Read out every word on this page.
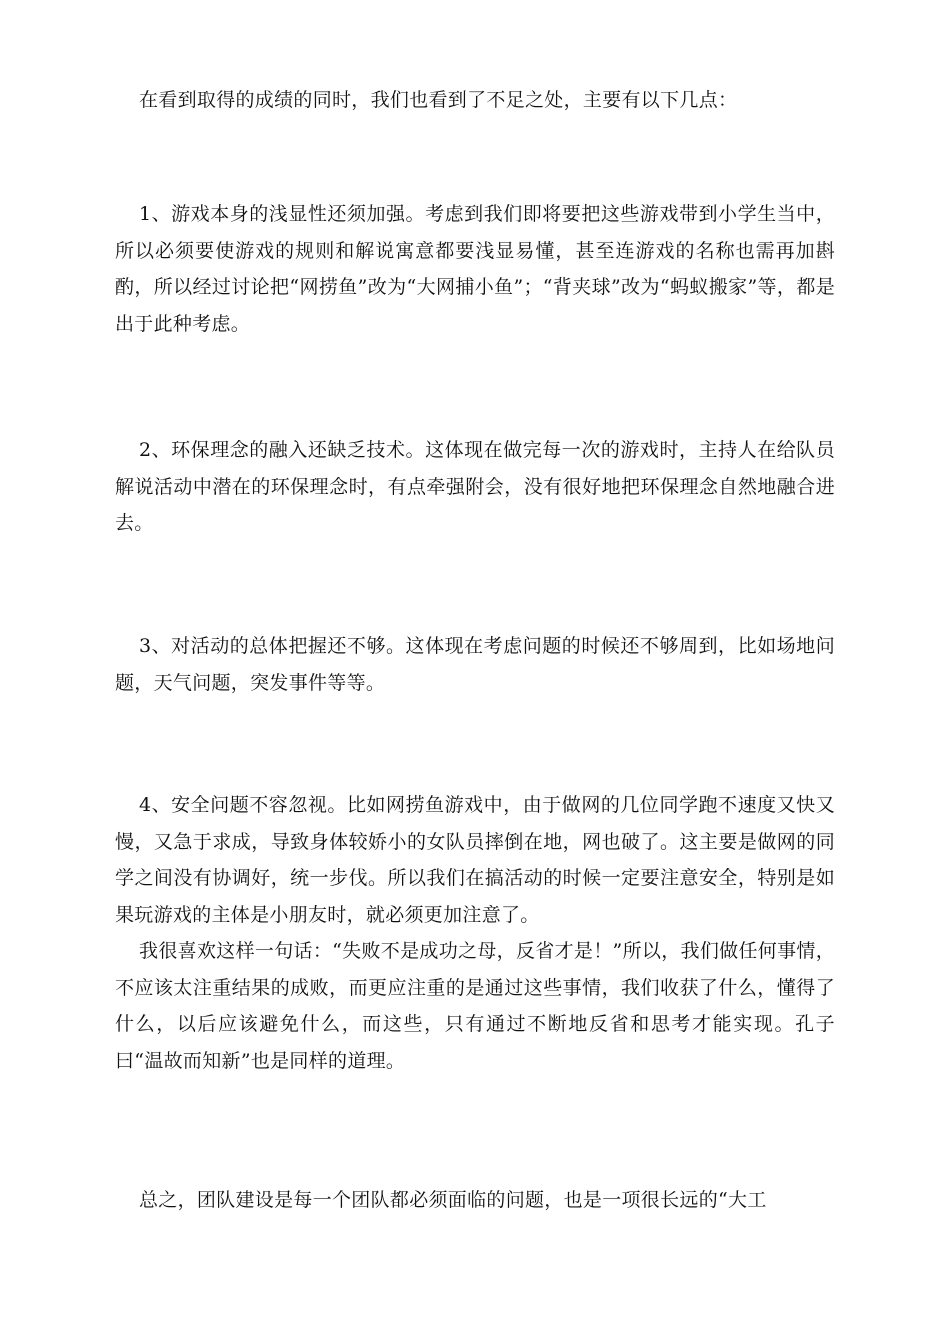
在看到取得的成绩的同时，我们也看到了不足之处，主要有以下几点：

1、游戏本身的浅显性还须加强。考虑到我们即将要把这些游戏带到小学生当中，所以必须要使游戏的规则和解说寓意都要浅显易懂，甚至连游戏的名称也需再加斟酌，所以经过讨论把“网捞鱼”改为“大网捕小鱼”；“背夹球”改为“蚂蚁搬家”等，都是出于此种考虑。

2、环保理念的融入还缺乏技术。这体现在做完每一次的游戏时，主持人在给队员解说活动中潜在的环保理念时，有点牵强附会，没有很好地把环保理念自然地融合进去。

3、对活动的总体把握还不够。这体现在考虑问题的时候还不够周到，比如场地问题，天气问题，突发事件等等。

4、安全问题不容忽视。比如网捞鱼游戏中，由于做网的几位同学跑不速度又快又慢，又急于求成，导致身体较娇小的女队员摔倒在地，网也破了。这主要是做网的同学之间没有协调好，统一步伐。所以我们在搞活动的时候一定要注意安全，特别是如果玩游戏的主体是小朋友时，就必须更加注意了。

我很喜欢这样一句话：“失败不是成功之母，反省才是！”所以，我们做任何事情，不应该太注重结果的成败，而更应注重的是通过这些事情，我们收获了什么，懂得了什么，以后应该避免什么，而这些，只有通过不断地反省和思考才能实现。孔子曰“温故而知新”也是同样的道理。

总之，团队建设是每一个团队都必须面临的问题，也是一项很长远的“大工
